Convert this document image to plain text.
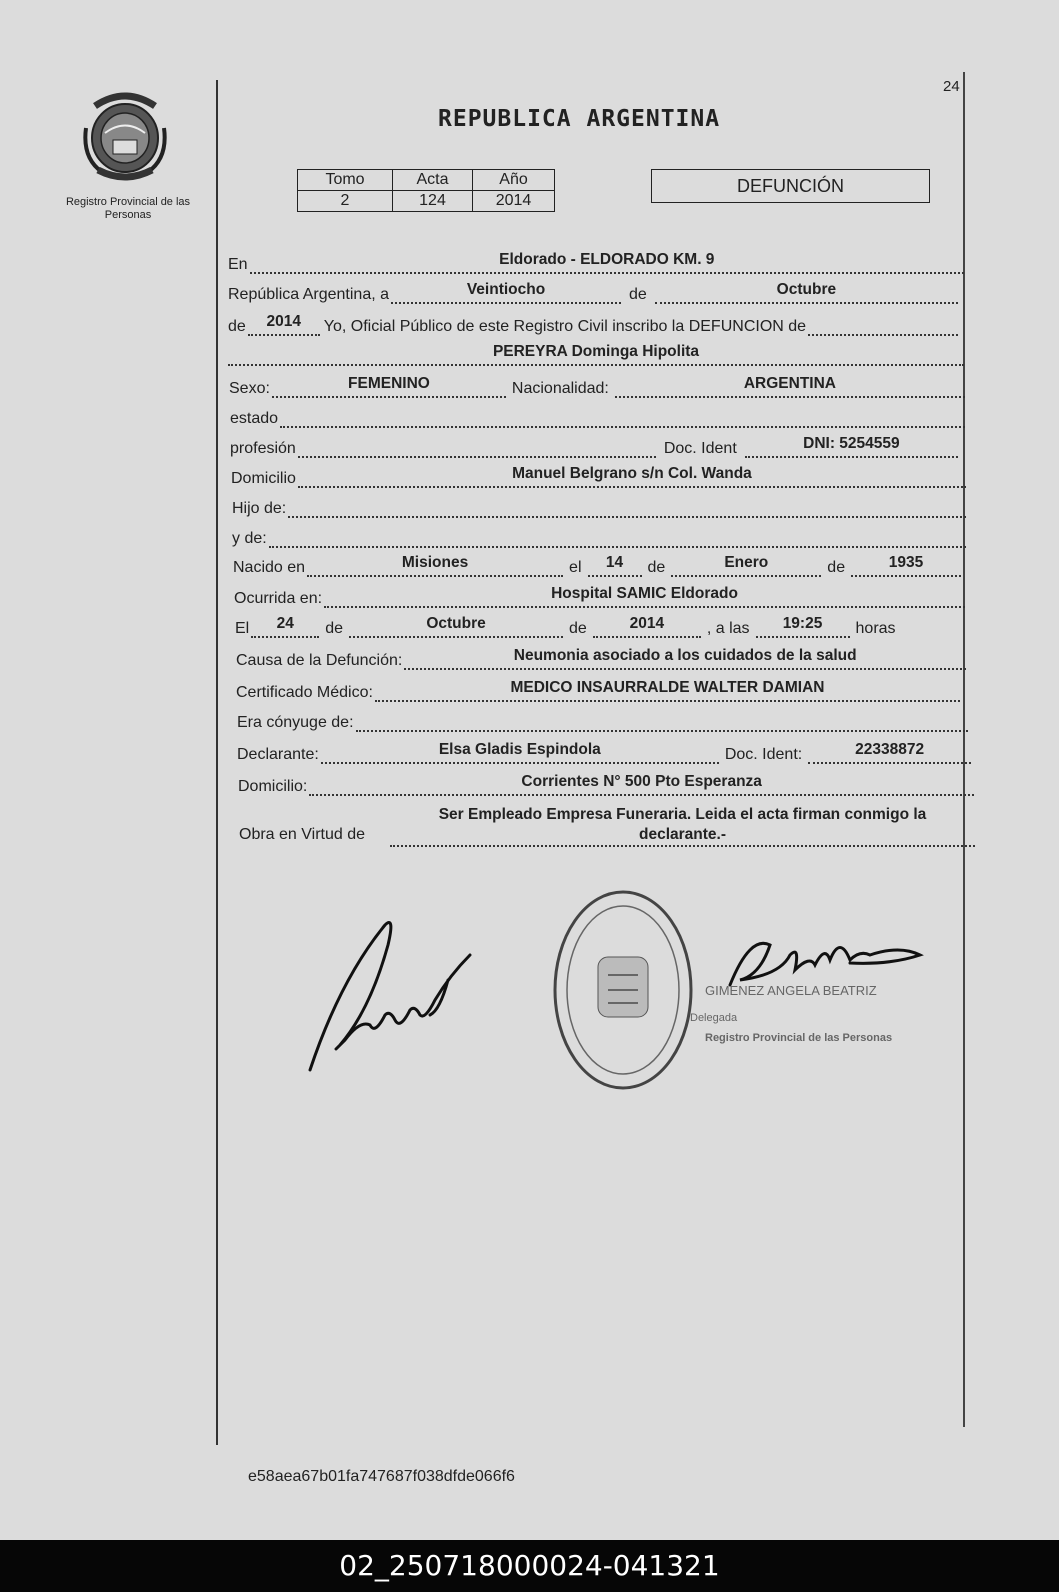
24
Registro Provincial de las Personas
REPUBLICA ARGENTINA
Tomo	Acta	Año
2	124	2014
DEFUNCIÓN
En	Eldorado - ELDORADO KM. 9
República Argentina, a	Veintiocho	de	Octubre
de	2014	Yo, Oficial Público de este Registro Civil inscribo la DEFUNCION de
PEREYRA Dominga Hipolita
Sexo:	FEMENINO	Nacionalidad:	ARGENTINA
estado
profesión	Doc. Ident	DNI: 5254559
Domicilio	Manuel Belgrano s/n Col. Wanda
Hijo de:
y de:
Nacido en	Misiones	el	14	de	Enero	de	1935
Ocurrida en:	Hospital SAMIC Eldorado
El	24	de	Octubre	de	2014	, a las	19:25	horas
Causa de la Defunción:	Neumonia asociado a los cuidados de la salud
Certificado Médico:	MEDICO INSAURRALDE WALTER DAMIAN
Era cónyuge de:
Declarante:	Elsa Gladis Espindola	Doc. Ident:	22338872
Domicilio:	Corrientes N° 500 Pto Esperanza
Obra en Virtud de
Ser Empleado Empresa Funeraria. Leida el acta firman conmigo la
declarante.-
GIMENEZ ANGELA BEATRIZ
Delegada
Registro Provincial de las Personas
e58aea67b01fa747687f038dfde066f6
02_250718000024-041321
